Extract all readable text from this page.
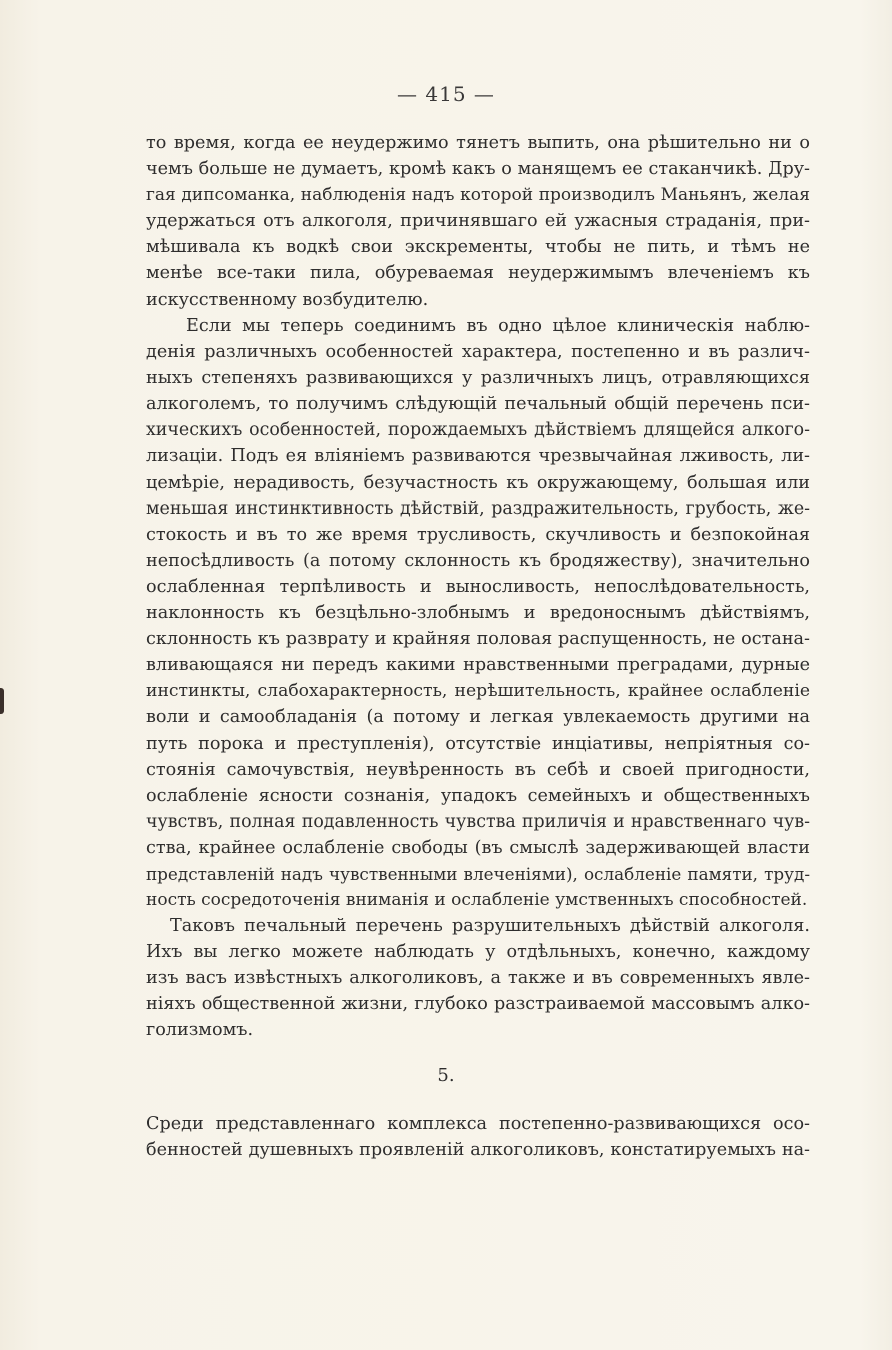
— 415 —
то время, когда ее неудержимо тянетъ выпить, она рѣшительно ни о
чемъ больше не думаетъ, кромѣ какъ о манящемъ ее стаканчикѣ. Дру-
гая дипсоманка, наблюденія надъ которой производилъ Маньянъ, желая
удержаться отъ алкоголя, причинявшаго ей ужасныя страданія, при-
мѣшивала къ водкѣ свои экскременты, чтобы не пить, и тѣмъ не
менѣе все-таки пила, обуреваемая неудержимымъ влеченіемъ къ
искусственному возбудителю.
Если мы теперь соединимъ въ одно цѣлое клиническія наблю-
денія различныхъ особенностей характера, постепенно и въ различ-
ныхъ степеняхъ развивающихся у различныхъ лицъ, отравляющихся
алкоголемъ, то получимъ слѣдующій печальный общій перечень пси-
хическихъ особенностей, порождаемыхъ дѣйствіемъ длящейся алкого-
лизаціи. Подъ ея вліяніемъ развиваются чрезвычайная лживость, ли-
цемѣріе, нерадивость, безучастность къ окружающему, большая или
меньшая инстинктивность дѣйствій, раздражительность, грубость, же-
стокость и въ то же время трусливость, скучливость и безпокойная
непосѣдливость (а потому склонность къ бродяжеству), значительно
ослабленная терпѣливость и выносливость, непослѣдовательность,
наклонность къ безцѣльно-злобнымъ и вредоноснымъ дѣйствіямъ,
склонность къ разврату и крайняя половая распущенность, не остана-
вливающаяся ни передъ какими нравственными преградами, дурные
инстинкты, слабохарактерность, нерѣшительность, крайнее ослабленіе
воли и самообладанія (а потому и легкая увлекаемость другими на
путь порока и преступленія), отсутствіе инціативы, непріятныя со-
стоянія самочувствія, неувѣренность въ себѣ и своей пригодности,
ослабленіе ясности сознанія, упадокъ семейныхъ и общественныхъ
чувствъ, полная подавленность чувства приличія и нравственнаго чув-
ства, крайнее ослабленіе свободы (въ смыслѣ задерживающей власти
представленій надъ чувственными влеченіями), ослабленіе памяти, труд-
ность сосредоточенія вниманія и ослабленіе умственныхъ способностей.
Таковъ печальный перечень разрушительныхъ дѣйствій алкоголя.
Ихъ вы легко можете наблюдать у отдѣльныхъ, конечно, каждому
изъ васъ извѣстныхъ алкоголиковъ, а также и въ современныхъ явле-
ніяхъ общественной жизни, глубоко разстраиваемой массовымъ алко-
голизмомъ.
5.
Среди представленнаго комплекса постепенно-развивающихся осо-
бенностей душевныхъ проявленій алкоголиковъ, констатируемыхъ на-
